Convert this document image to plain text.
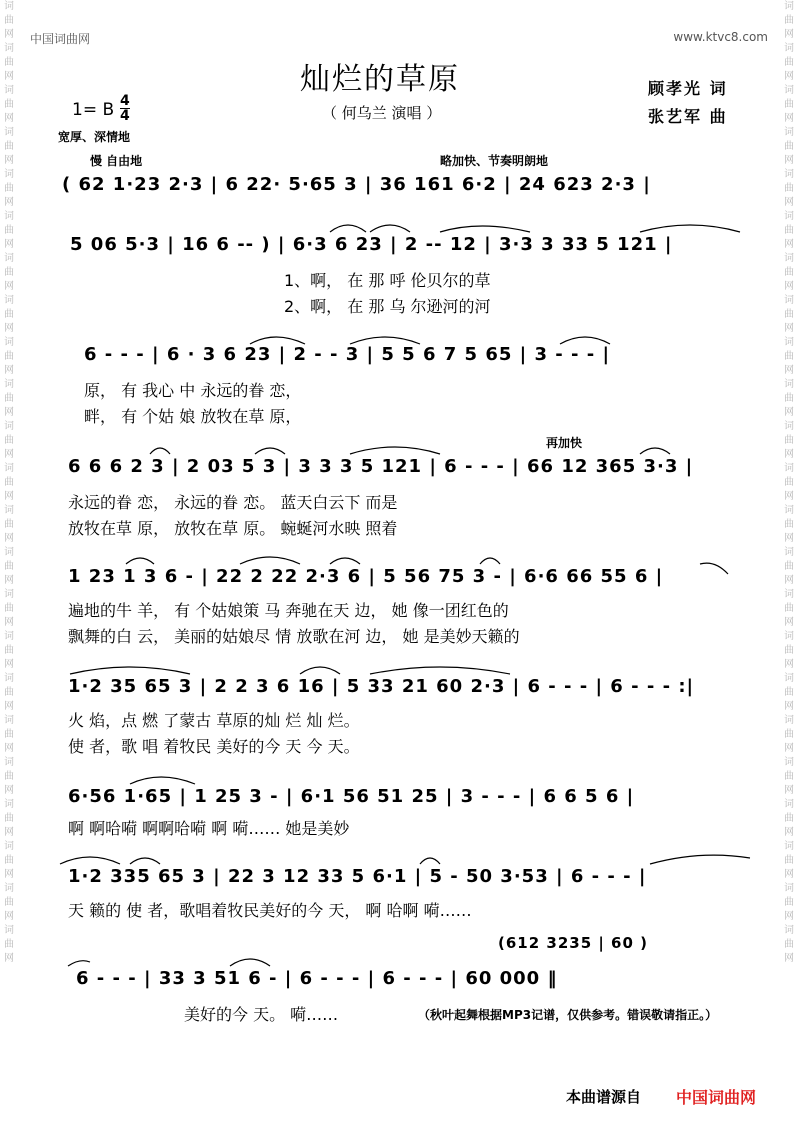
词
曲
网
词
曲
网
词
曲
网
词
曲
网
词
曲
网
词
曲
网
词
曲
网
词
曲
网
词
曲
网
词
曲
网
词
曲
网
词
曲
网
词
曲
网
词
曲
网
词
曲
网
词
曲
网
词
曲
网
词
曲
网
词
曲
网
词
曲
网
词
曲
网
词
曲
网
词
曲
网
词
曲
网
词
曲
网
词
曲
网
词
曲
网
词
曲
网
词
曲
网
词
曲
网
词
曲
网
词
曲
网
词
曲
网
词
曲
网
词
曲
网
词
曲
网
词
曲
网
词
曲
网
词
曲
网
词
曲
网
词
曲
网
词
曲
网
词
曲
网
词
曲
网
词
曲
网
词
曲
网
中国词曲网	www.ktvc8.com
灿烂的草原
（ 何乌兰 演唱 ）
顾孝光 词
张艺军 曲
1= B 4
4
宽厚、深情地
慢 自由地	略加快、节奏明朗地
再加快
( 62 1·23 2·3 | 6 22· 5·65 3 | 36 161 6·2 | 24 623 2·3 |
5 06 5·3 | 16 6 -- ) | 6·3 6 23 | 2 -- 12 | 3·3 3 33 5 121 |
1、啊， 在 那 呼 伦贝尔的草
2、啊， 在 那 乌 尔逊河的河
6 - - - | 6 · 3 6 23 | 2 - - 3 | 5 5 6 7 5 65 | 3 - - - |
原， 有 我心 中 永远的眷 恋，
畔， 有 个姑 娘 放牧在草 原，
6 6 6 2 3 | 2 03 5 3 | 3 3 3 5 121 | 6 - - - | 66 12 365 3·3 |
永远的眷 恋， 永远的眷 恋。 蓝天白云下 而是
放牧在草 原， 放牧在草 原。 蜿蜒河水映 照着
1 23 1 3 6 - | 22 2 22 2·3 6 | 5 56 75 3 - | 6·6 66 55 6 |
遍地的牛 羊， 有 个姑娘策 马 奔驰在天 边， 她 像一团红色的
飘舞的白 云， 美丽的姑娘尽 情 放歌在河 边， 她 是美妙天籁的
1·2 35 65 3 | 2 2 3 6 16 | 5 33 21 60 2·3 | 6 - - - | 6 - - - :|
火 焰，点 燃 了蒙古 草原的灿 烂 灿 烂。
使 者，歌 唱 着牧民 美好的今 天 今 天。
6·56 1·65 | 1 25 3 - | 6·1 56 51 25 | 3 - - - | 6 6 5 6 |
啊 啊哈嗬 啊啊哈嗬 啊 嗬…… 她是美妙
1·2 335 65 3 | 22 3 12 33 5 6·1 | 5 - 50 3·53 | 6 - - - |
天 籁的 使 者，歌唱着牧民美好的今 天， 啊 哈啊 嗬……
(612 3235 | 60 )
6 - - - | 33 3 51 6 - | 6 - - - | 6 - - - | 60 000 ‖
美好的今 天。 嗬……	（秋叶起舞根据MP3记谱，仅供参考。错误敬请指正。）
本曲谱源自 中国词曲网
